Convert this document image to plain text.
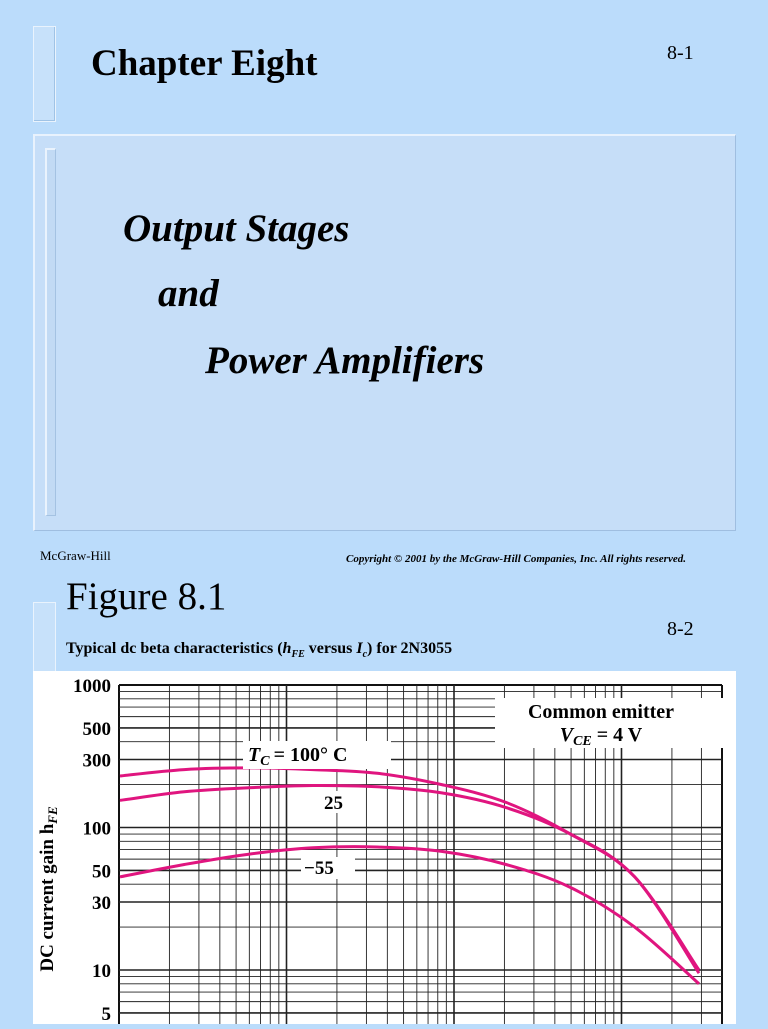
Chapter Eight	8-1
Output Stages
and
Power Amplifiers
McGraw-Hill	Copyright © 2001 by the McGraw-Hill Companies, Inc. All rights reserved.
Figure 8.1
8-2
Typical dc beta characteristics ($h_{FE}$ versus $I_c$) for 2N3055
1000
500
300
100
50
30
10
5
DC current gain $h_{FE}$
Common emitter
$V_{CE} = 4$ V
$T_C = 100^\circ$ C
25
−55
